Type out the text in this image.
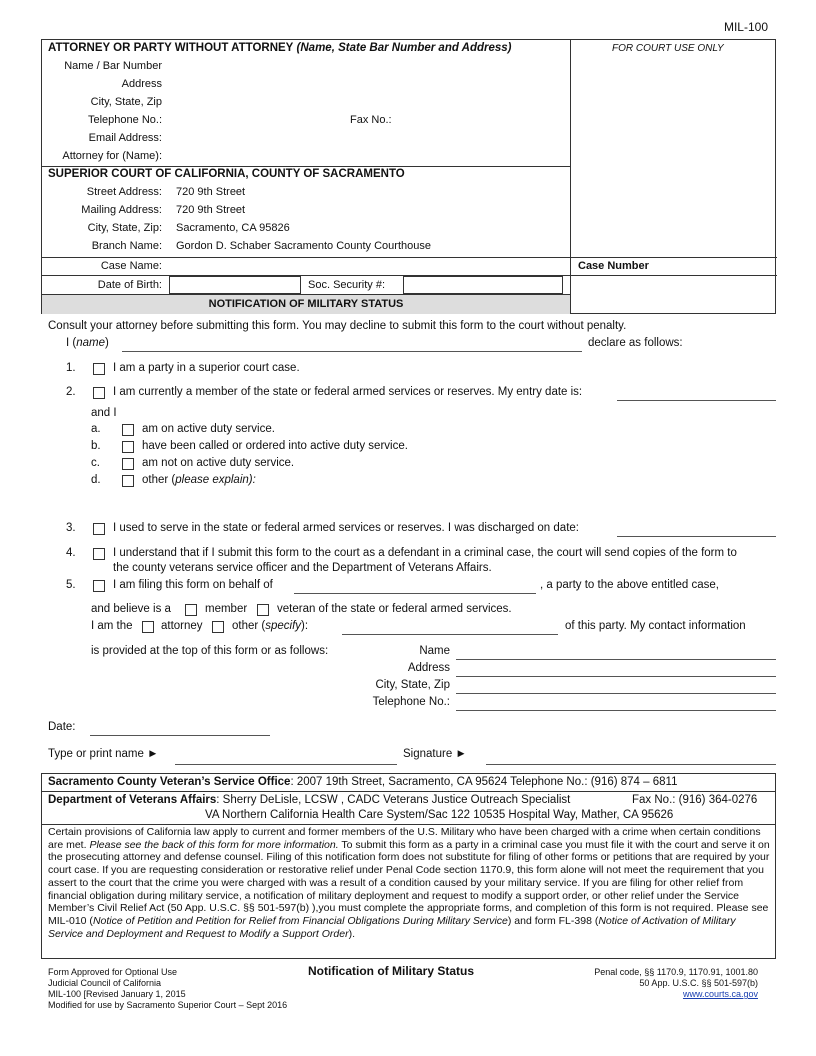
MIL-100
ATTORNEY OR PARTY WITHOUT ATTORNEY (Name, State Bar Number and Address)	FOR COURT USE ONLY
Name / Bar Number
Address
City, State, Zip
Telephone No.:	Fax No.:
Email Address:
Attorney for (Name):
SUPERIOR COURT OF CALIFORNIA, COUNTY OF SACRAMENTO
Street Address: 720 9th Street
Mailing Address: 720 9th Street
City, State, Zip: Sacramento, CA 95826
Branch Name: Gordon D. Schaber Sacramento County Courthouse
Case Name:	Case Number
Date of Birth:	Soc. Security #:
NOTIFICATION OF MILITARY STATUS
Consult your attorney before submitting this form. You may decline to submit this form to the court without penalty.
I (name)	declare as follows:
1.	I am a party in a superior court case.
2.	I am currently a member of the state or federal armed services or reserves. My entry date is:
and I
a.	am on active duty service.
b.	have been called or ordered into active duty service.
c.	am not on active duty service.
d.	other (please explain):
3.	I used to serve in the state or federal armed services or reserves. I was discharged on date:
4.	I understand that if I submit this form to the court as a defendant in a criminal case, the court will send copies of the form to
the county veterans service officer and the Department of Veterans Affairs.
5.	I am filing this form on behalf of	, a party to the above entitled case,
and believe is a	member	veteran of the state or federal armed services.
I am the attorney	other (specify):	of this party. My contact information
is provided at the top of this form or as follows:	Name
Address
City, State, Zip
Telephone No.:
Date:
Type or print name ►	Signature ►
Sacramento County Veteran’s Service Office: 2007 19th Street, Sacramento, CA 95624 Telephone No.: (916) 874 – 6811
Department of Veterans Affairs: Sherry DeLisle, LCSW , CADC Veterans Justice Outreach Specialist	Fax No.: (916) 364-0276
VA Northern California Health Care System/Sac 122 10535 Hospital Way, Mather, CA 95626
Certain provisions of California law apply to current and former members of the U.S. Military who have been charged with a crime when certain conditions are met. Please see the back of this form for more information. To submit this form as a party in a criminal case you must file it with the court and serve it on the prosecuting attorney and defense counsel. Filing of this notification form does not substitute for filing of other forms or petitions that are required by your court case. If you are requesting consideration or restorative relief under Penal Code section 1170.9, this form alone will not meet the requirement that you assert to the court that the crime you were charged with was a result of a condition caused by your military service. If you are filing for other relief from financial obligation during military service, a notification of military deployment and request to modify a support order, or other relief under the Service Member’s Civil Relief Act (50 App. U.S.C. §§ 501-597(b) ),you must complete the appropriate forms, and completion of this form is not required. Please see MIL-010 (Notice of Petition and Petition for Relief from Financial Obligations During Military Service) and form FL-398 (Notice of Activation of Military Service and Deployment and Request to Modify a Support Order).
Form Approved for Optional Use
Judicial Council of California
MIL-100 [Revised January 1, 2015
Modified for use by Sacramento Superior Court – Sept 2016
Notification of Military Status	Penal code, §§ 1170.9, 1170.91, 1001.80
50 App. U.S.C. §§ 501-597(b)
www.courts.ca.gov
